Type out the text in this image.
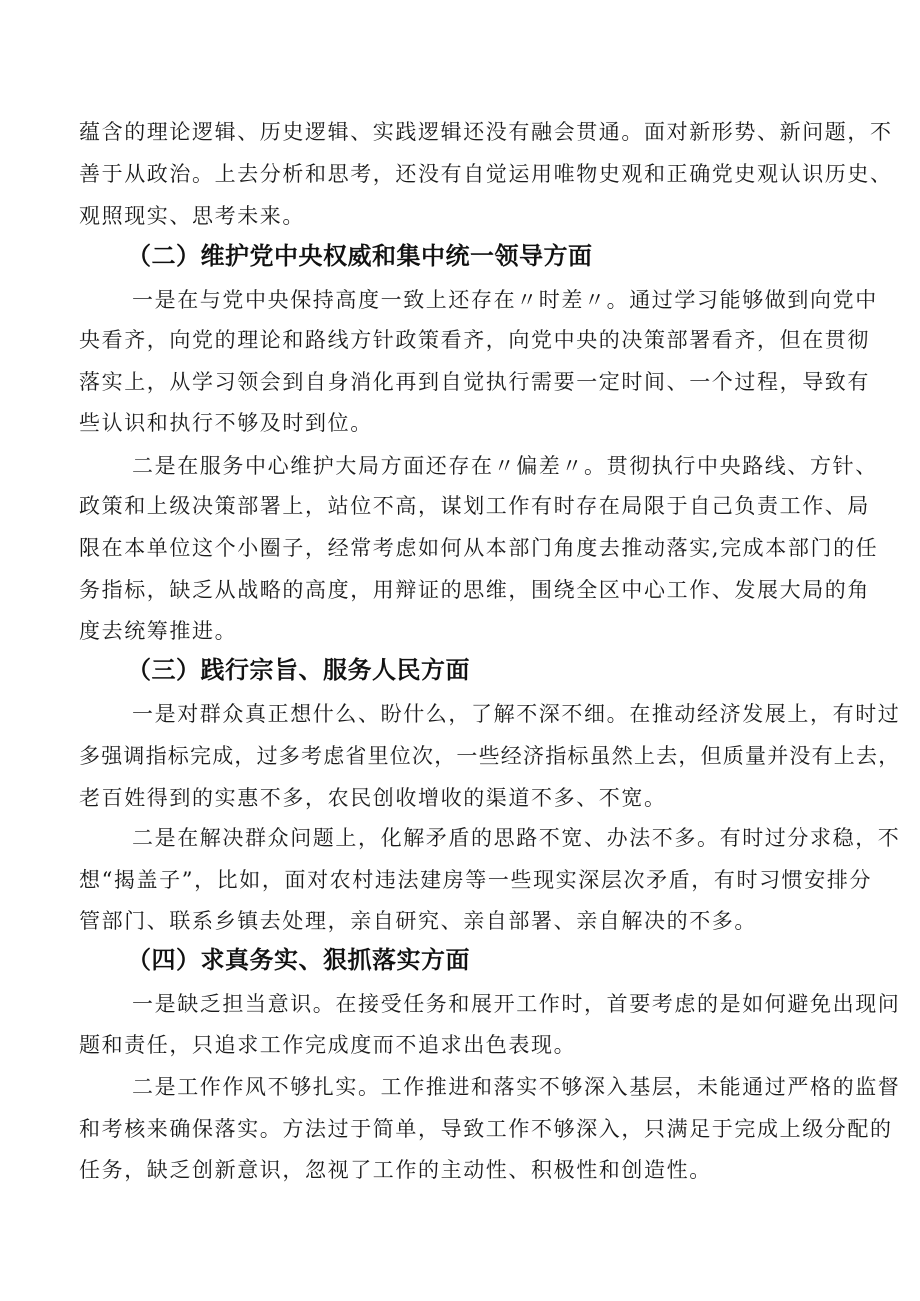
蕴含的理论逻辑、历史逻辑、实践逻辑还没有融会贯通。面对新形势、新问题，不
善于从政治。上去分析和思考，还没有自觉运用唯物史观和正确党史观认识历史、
观照现实、思考未来。
（二）维护党中央权威和集中统一领导方面
一是在与党中央保持高度一致上还存在〃时差〃。通过学习能够做到向党中
央看齐，向党的理论和路线方针政策看齐，向党中央的决策部署看齐，但在贯彻
落实上，从学习领会到自身消化再到自觉执行需要一定时间、一个过程，导致有
些认识和执行不够及时到位。
二是在服务中心维护大局方面还存在〃偏差〃。贯彻执行中央路线、方针、
政策和上级决策部署上，站位不高，谋划工作有时存在局限于自己负责工作、局
限在本单位这个小圈子，经常考虑如何从本部门角度去推动落实,完成本部门的任
务指标，缺乏从战略的高度，用辩证的思维，围绕全区中心工作、发展大局的角
度去统筹推进。
（三）践行宗旨、服务人民方面
一是对群众真正想什么、盼什么，了解不深不细。在推动经济发展上，有时过
多强调指标完成，过多考虑省里位次，一些经济指标虽然上去，但质量并没有上去，
老百姓得到的实惠不多，农民创收增收的渠道不多、不宽。
二是在解决群众问题上，化解矛盾的思路不宽、办法不多。有时过分求稳，不
想“揭盖子”，比如，面对农村违法建房等一些现实深层次矛盾，有时习惯安排分
管部门、联系乡镇去处理，亲自研究、亲自部署、亲自解决的不多。
（四）求真务实、狠抓落实方面
一是缺乏担当意识。在接受任务和展开工作时，首要考虑的是如何避免出现问
题和责任，只追求工作完成度而不追求出色表现。
二是工作作风不够扎实。工作推进和落实不够深入基层，未能通过严格的监督
和考核来确保落实。方法过于简单，导致工作不够深入，只满足于完成上级分配的
任务，缺乏创新意识，忽视了工作的主动性、积极性和创造性。
